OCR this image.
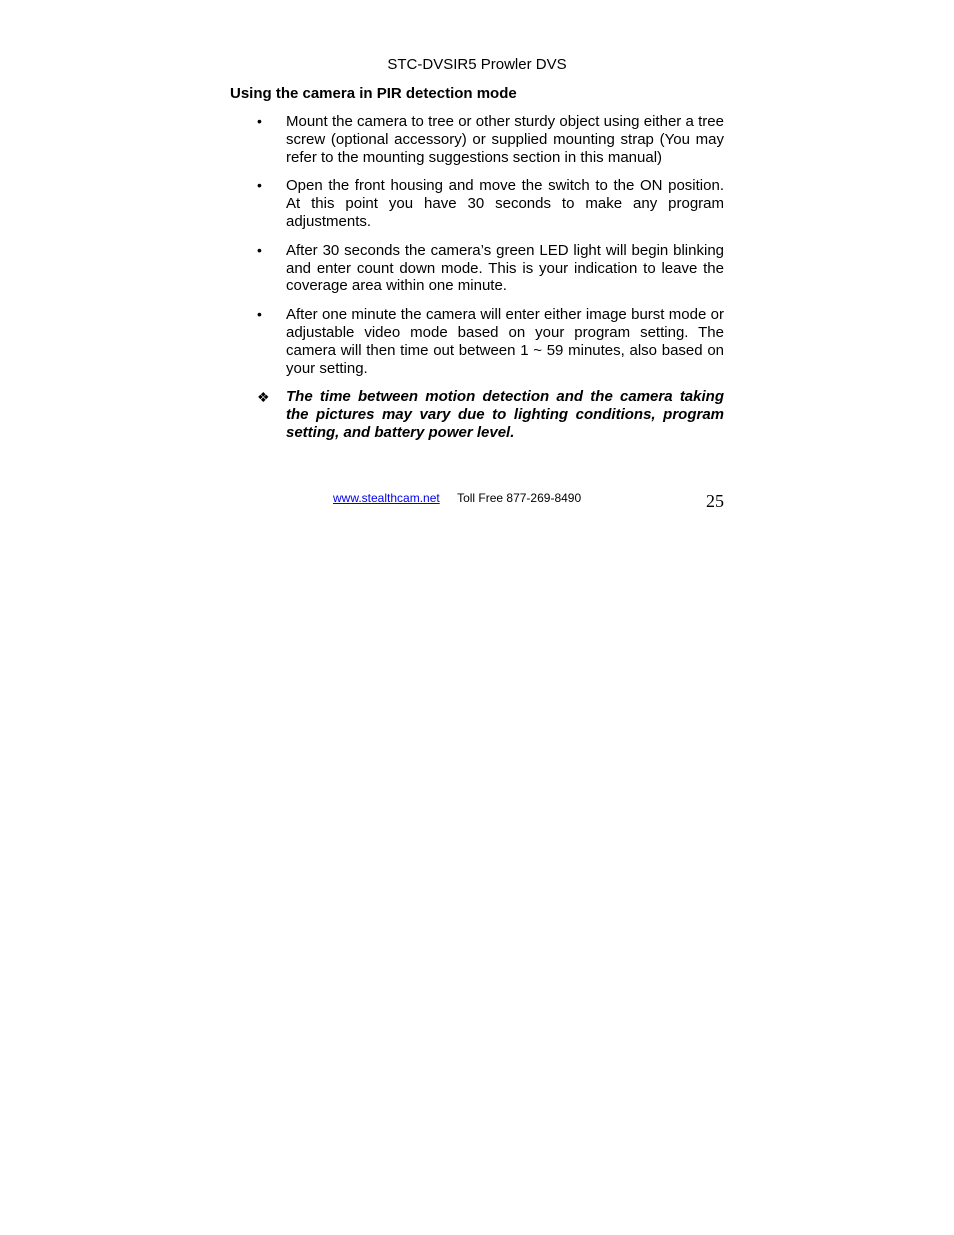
STC-DVSIR5 Prowler DVS
Using the camera in PIR detection mode
•	Mount the camera to tree or other sturdy object using either a tree screw (optional accessory) or supplied mounting strap (You may refer to the mounting suggestions section in this manual)
•	Open the front housing and move the switch to the ON position. At this point you have 30 seconds to make any program adjustments.
•	After 30 seconds the camera’s green LED light will begin blinking and enter count down mode. This is your indication to leave the coverage area within one minute.
•	After one minute the camera will enter either image burst mode or adjustable video mode based on your program setting. The camera will then time out between 1 ~ 59 minutes, also based on your setting.
❖ The time between motion detection and the camera taking the pictures may vary due to lighting conditions, program setting, and battery power level.
www.stealthcam.net Toll Free 877-269-8490	25
